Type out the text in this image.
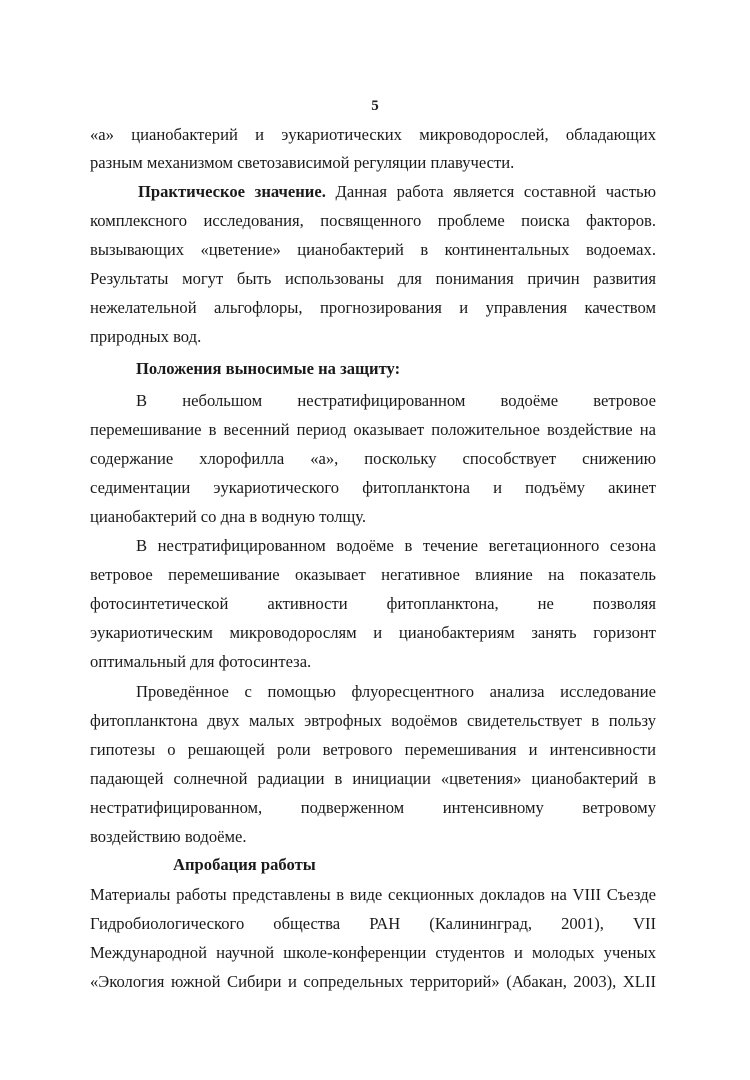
5
«а» цианобактерий и эукариотических микроводорослей, обладающих
разным механизмом светозависимой регуляции плавучести.
Практическое значение. Данная работа является составной частью
комплексного исследования, посвященного проблеме поиска факторов.
вызывающих «цветение» цианобактерий в континентальных водоемах.
Результаты могут быть использованы для понимания причин развития
нежелательной альгофлоры, прогнозирования и управления качеством
природных вод.
Положения выносимые на защиту:
В небольшом нестратифицированном водоёме ветровое
перемешивание в весенний период оказывает положительное воздействие на
содержание хлорофилла «а», поскольку способствует снижению
седиментации эукариотического фитопланктона и подъёму акинет
цианобактерий со дна в водную толщу.
В нестратифицированном водоёме в течение вегетационного сезона
ветровое перемешивание оказывает негативное влияние на показатель
фотосинтетической активности фитопланктона, не позволяя
эукариотическим микроводорослям и цианобактериям занять горизонт
оптимальный для фотосинтеза.
Проведённое с помощью флуоресцентного анализа исследование
фитопланктона двух малых эвтрофных водоёмов свидетельствует в пользу
гипотезы о решающей роли ветрового перемешивания и интенсивности
падающей солнечной радиации в инициации «цветения» цианобактерий в
нестратифицированном, подверженном интенсивному ветровому
воздействию водоёме.
Апробация работы
Материалы работы представлены в виде секционных докладов на VIII Съезде
Гидробиологического общества РАН (Калининград, 2001), VII
Международной научной школе-конференции студентов и молодых ученых
«Экология южной Сибири и сопредельных территорий» (Абакан, 2003), XLII
